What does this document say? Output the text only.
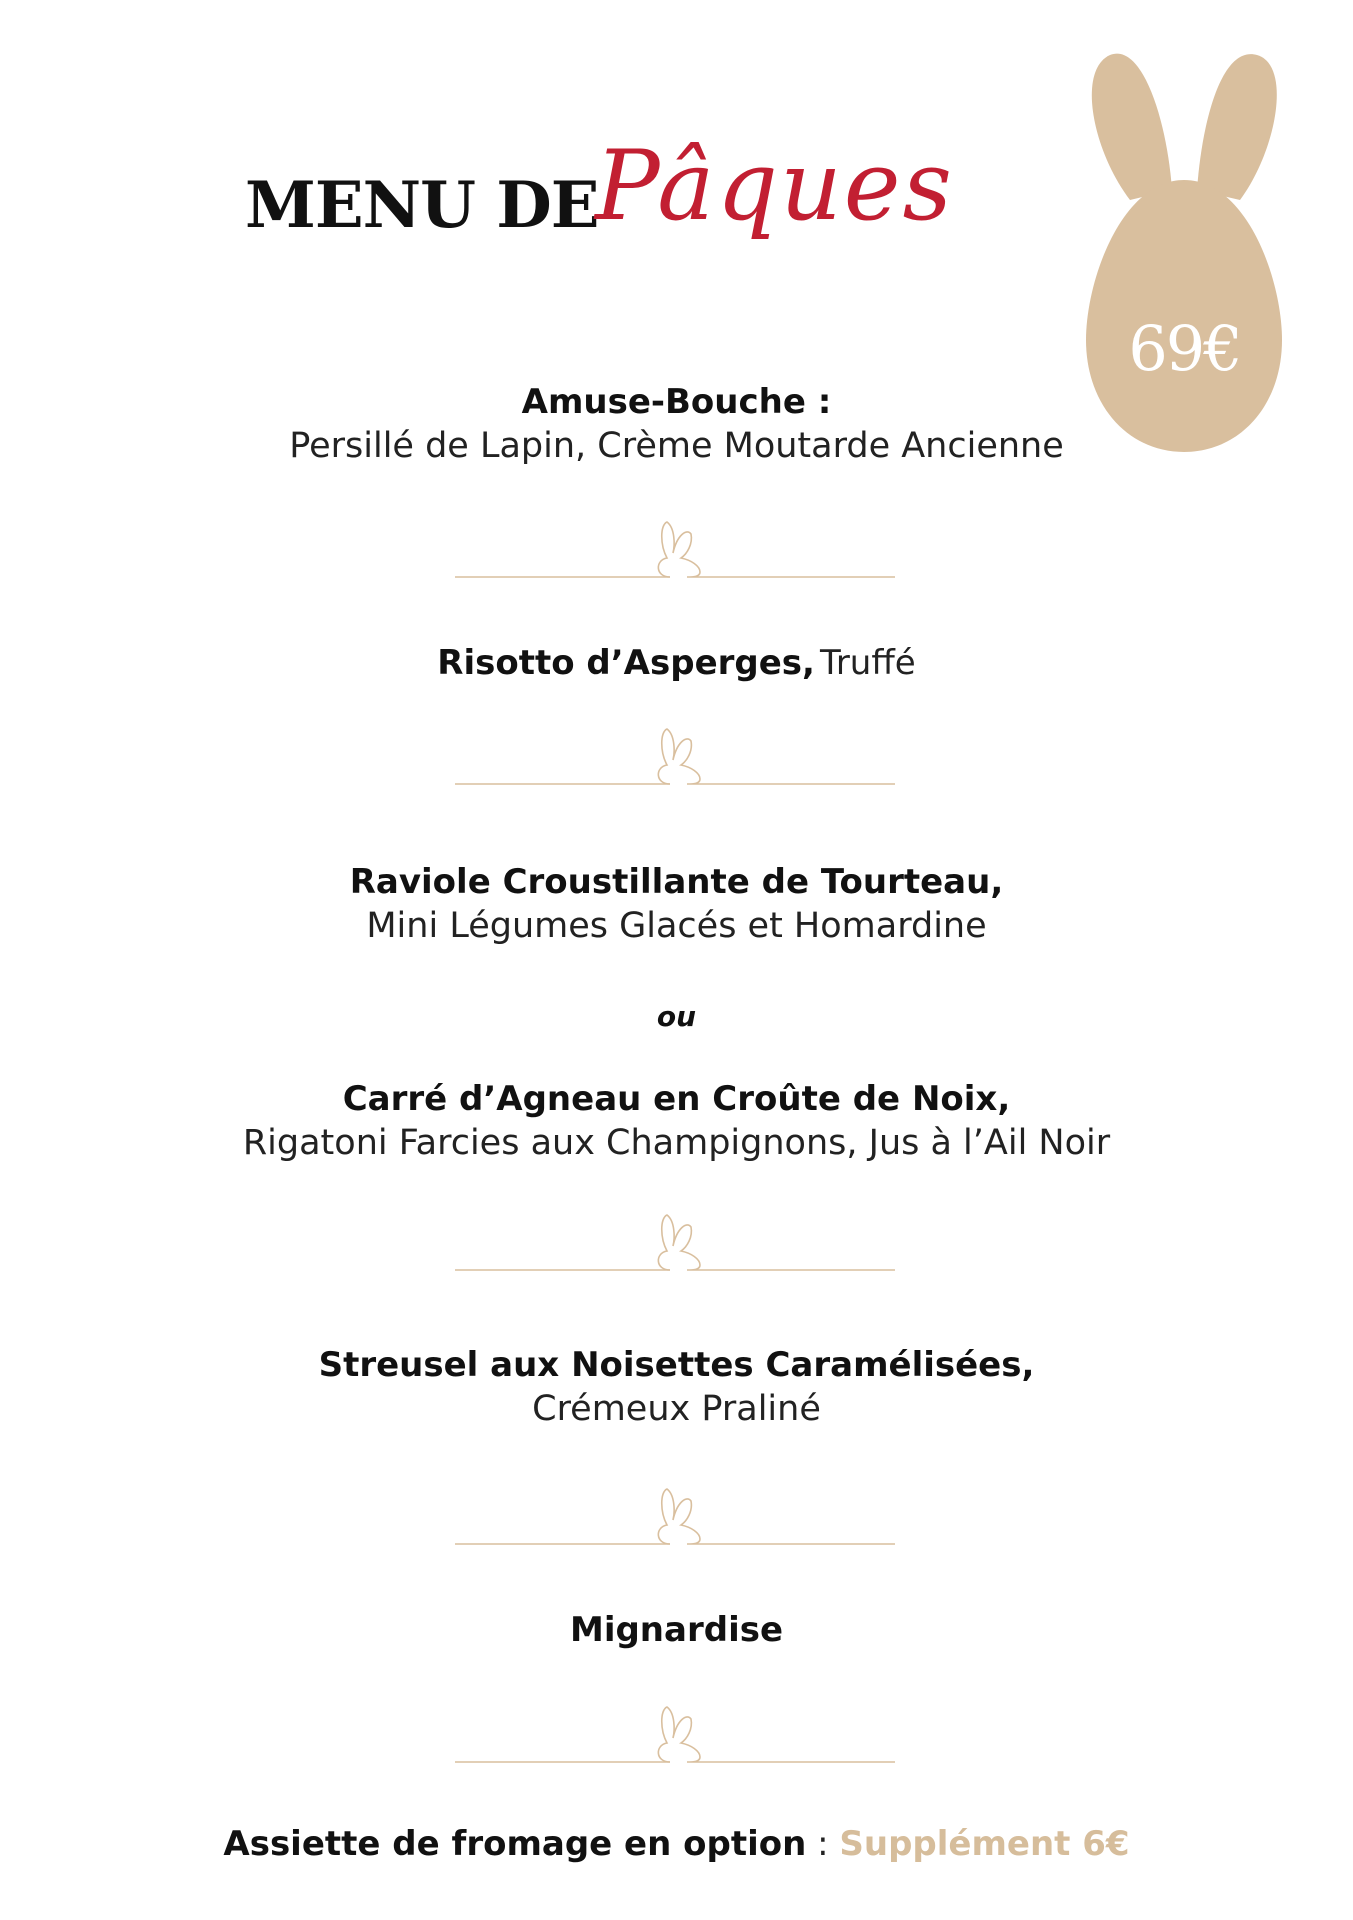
MENU DE
Pâques
69€
Amuse-Bouche :
Persillé de Lapin, Crème Moutarde Ancienne
Risotto d’Asperges, Truffé
Raviole Croustillante de Tourteau,
Mini Légumes Glacés et Homardine
ou
Carré d’Agneau en Croûte de Noix,
Rigatoni Farcies aux Champignons, Jus à l’Ail Noir
Streusel aux Noisettes Caramélisées,
Crémeux Praliné
Mignardise
Assiette de fromage en option : Supplément 6€
